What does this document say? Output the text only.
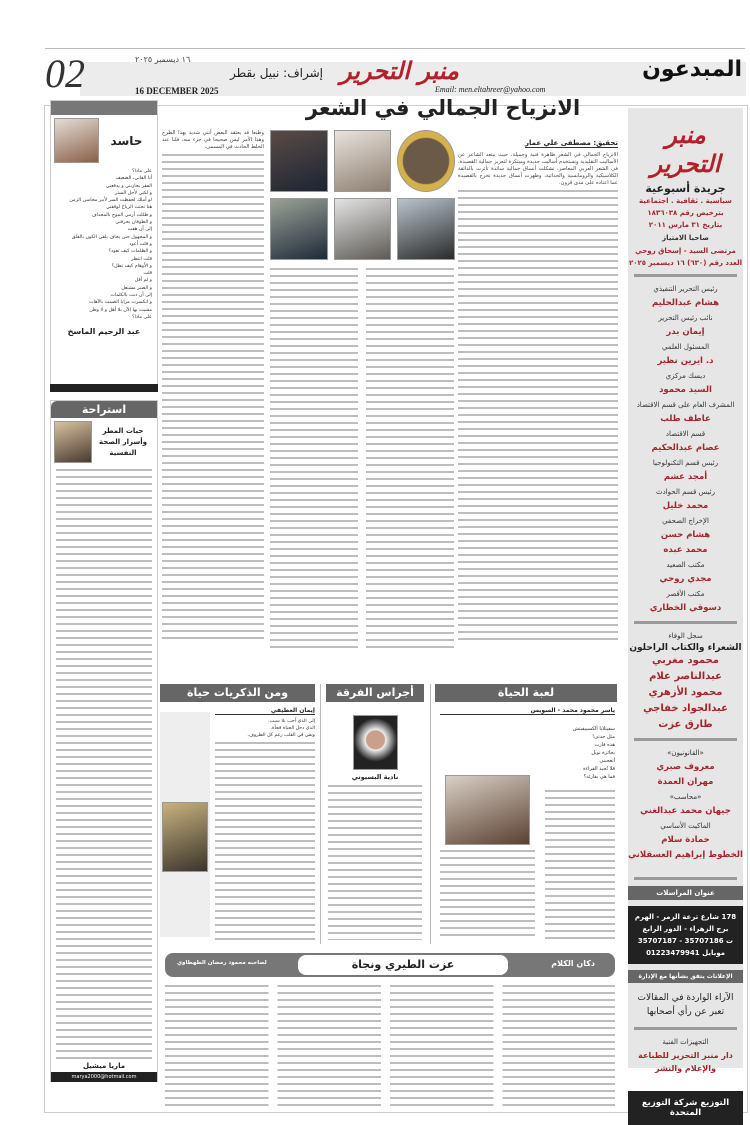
02	المبدعون
١٦ ديسمبر ٢٠٢٥
16 DECEMBER 2025
إشراف: نبيل بقطر منبر التحرير
Email: men.eltahreer@yahoo.com
منبر التحرير
جريدة أسبوعية
سياسية . ثقافية . اجتماعية
بترخيص رقم ١٨٣٦٠٣٨
بتاريخ ٣١ مارس ٢٠١١
صاحبا الامتياز
مرتضى السيد - إسحاق روحي
العدد رقم (٦٣٠) ١٦ ديسمبر ٢٠٢٥
رئيس التحرير التنفيذي
هشام عبدالحليم
نائب رئيس التحرير
إيمان بدر
المسئول العلمي
د. ايرين نظير
ديسك مركزي
السيد محمود
المشرف العام على قسم الاقتصاد
عاطف طلب
قسم الاقتصاد
عصام عبدالحكيم
رئيس قسم التكنولوجيا
أمجد عشم
رئيس قسم الحوادث
محمد خليل
الإخراج الصحفي
هشام حسن
محمد عبده
مكتب الصعيد
مجدي روحي
مكتب الأقصر
دسوقي الخطاري
سجل الوفاء
الشعراء والكتاب الراحلون
محمود مغربي
عبدالناصر علام
محمود الأزهري
عبدالجواد خفاجي
طارق عزت
«القانونيون»
معروف صبري
مهران العمدة
«محاسب»
جيهان محمد عبدالغني
الماكيت الأساسي
حمادة سلام
الخطوط إبراهيم العسقلاني
عنوان المراسلات
178 شارع ترعة الزمر - الهرم
برج الزهراء - الدور الرابع
ت 35707186 - 35707187
موبايل 01223479941
الإعلانات يتفق بشأنها مع الإدارة
الآراء الواردة في المقالات تعبر عن رأي أصحابها
التجهيزات الفنية
دار منبر التحرير للطباعة والإعلام والنشر
التوزيع شركة التوزيع المتحدة
الانزياح الجمالي في الشعر
تحقيق: مصطفى علي عمار
الانزياح الجمالي في الشعر ظاهرة فنية وجميلة، حيث يبتعد الشاعر عن الأساليب التقليدية ويستخدم أساليب جديدة ومبتكرة لتعزيز جمالية القصيدة. في الشعر العربي المعاصر، تشكلت أنساق جمالية سائدة تأثرت بالذائقة الكلاسيكية والرومانسية والحداثية، وظهرت أنساق جديدة تخرج بالقصيدة عما اعتاده على مدى قرون.
وطبعا قد يعتقد البعض أنني شديد بهذا الطرح وهذا الأمر ليس صحيحا في جزء منه، فلنا عند الخلط الحادث في المسمى.
حاسد
على ماذا؟
أنا الفاني، الضعيف
الفقر يحاربني و يدفعني
و لكني لأجل الستر
لو أملك لحفظت السر لأبير محاسن الزمن
هنا تحتث الرياح لوقفتي
و ظللت أرمي الموج بالمجداف
و الطوفان يحرقني
إلى أن هفت
و المجهول حين يخاف يلقي الكون بالقلق
و قلت أعود
و الظلمات كيف تعود؟
قلت انتظر
و الأوهام كيف تطل؟
قلت
و لم أقل
و الصبر مشتعل
إلى أن ذبت بالكلمات
و انكسرت مرايا الصمت بالآهات
مشيت بها الآن بلا أهل و لا وطن
على ماذا؟
عبد الرحيم الماسخ
استراحة
حبات المطر وأسرار الصحة النفسية
ماريا ميشيل
marya2000@hotmail.com
لعبة الحياة
ياسر محمود محمد - السويس
سفيتلانا ألكسييفيتش
مثل جدتي!
هذه فازت
بجائزة نوبل
أتعجبني
فلا تُجيد القراءة
فما هي بقارئة؟
أجراس الفرقة
نادية البسيوني
ومن الذكريات حياة
إيمان العطيفي
إلى الذي أحب بلا سبب.
الذي دخل الحياة فجأة.
وبقي في القلب رغم كل الظروف.
دكان الكلام
عزت الطيري ونجاة
لصاحبه محمود رمضان الطهطاوي
